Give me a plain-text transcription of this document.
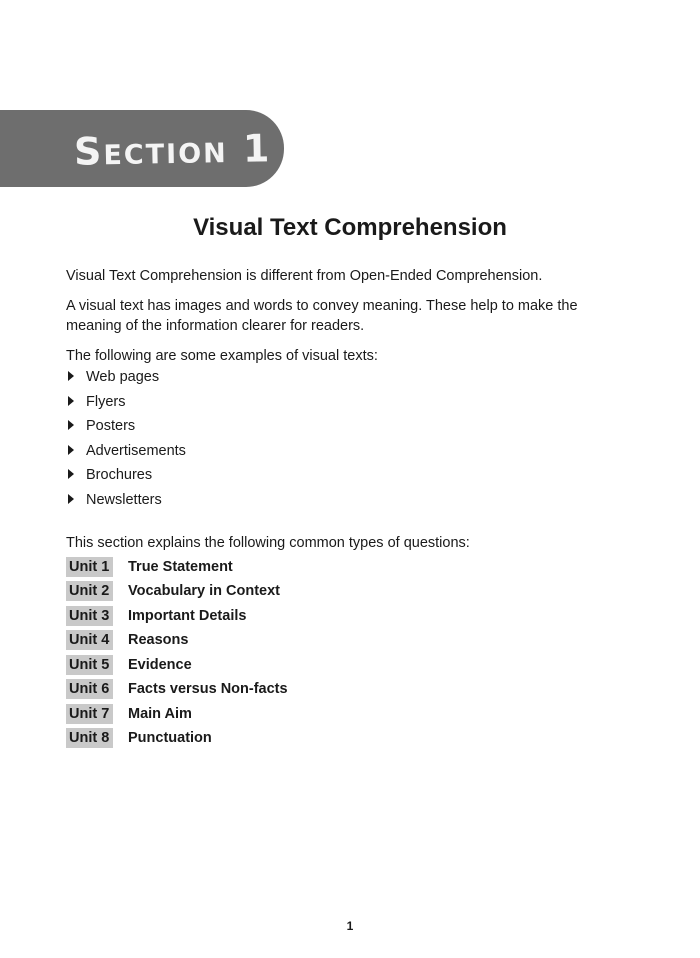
Section 1
Visual Text Comprehension
Visual Text Comprehension is different from Open-Ended Comprehension.
A visual text has images and words to convey meaning. These help to make the meaning of the information clearer for readers.
The following are some examples of visual texts:
Web pages
Flyers
Posters
Advertisements
Brochures
Newsletters
This section explains the following common types of questions:
Unit 1 True Statement
Unit 2 Vocabulary in Context
Unit 3 Important Details
Unit 4 Reasons
Unit 5 Evidence
Unit 6 Facts versus Non-facts
Unit 7 Main Aim
Unit 8 Punctuation
1
